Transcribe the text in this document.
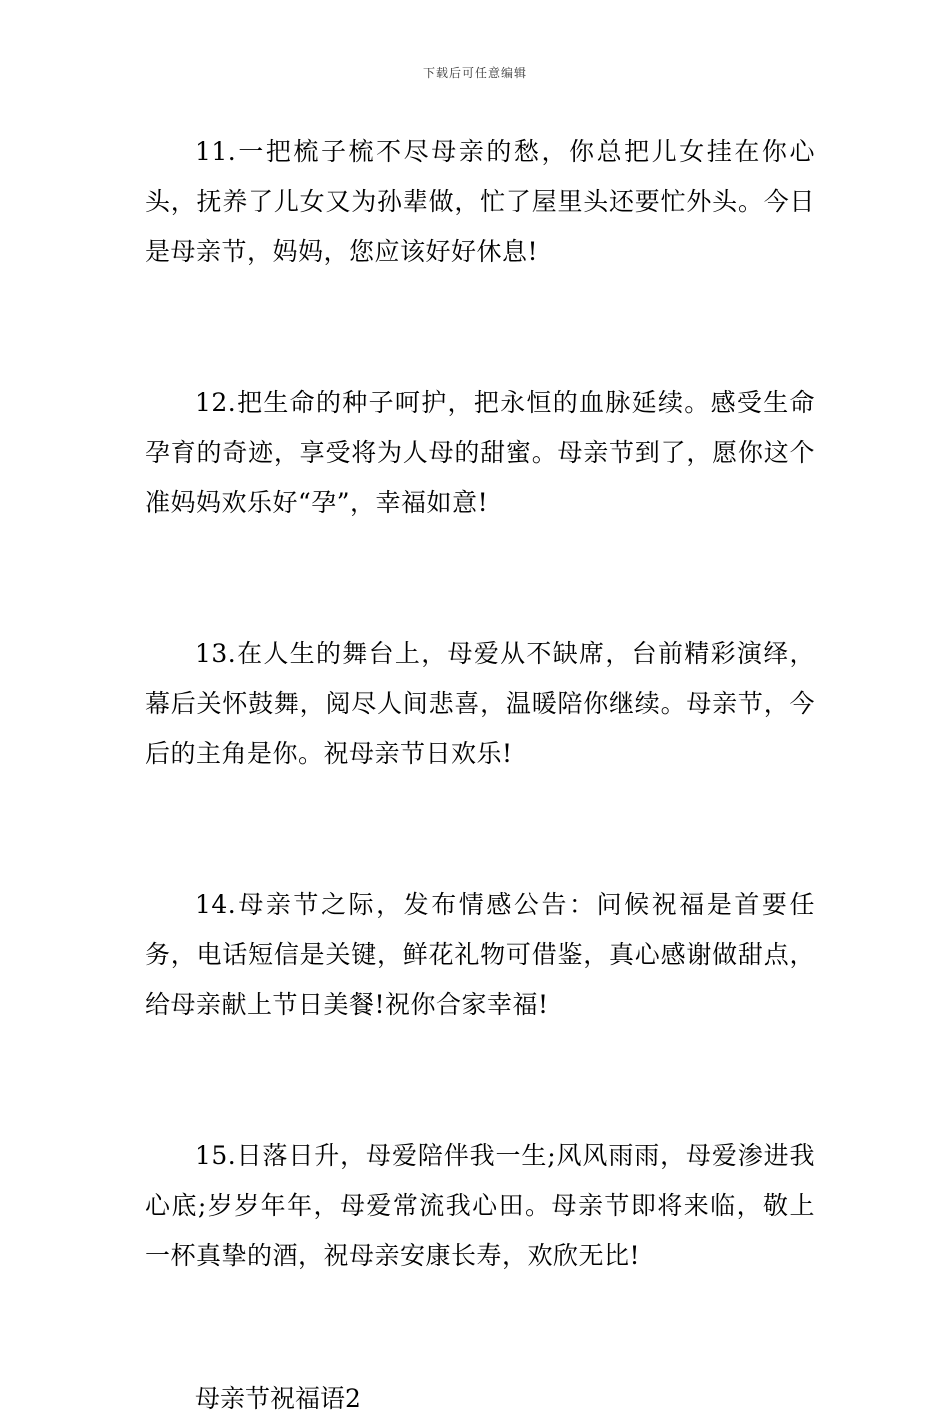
下载后可任意编辑

11.一把梳子梳不尽母亲的愁，你总把儿女挂在你心头，抚养了儿女又为孙辈做，忙了屋里头还要忙外头。今日是母亲节，妈妈，您应该好好休息!

12.把生命的种子呵护，把永恒的血脉延续。感受生命孕育的奇迹，享受将为人母的甜蜜。母亲节到了，愿你这个准妈妈欢乐好“孕”，幸福如意!

13.在人生的舞台上，母爱从不缺席，台前精彩演绎，幕后关怀鼓舞，阅尽人间悲喜，温暖陪你继续。母亲节，今后的主角是你。祝母亲节日欢乐!

14.母亲节之际，发布情感公告：问候祝福是首要任务，电话短信是关键，鲜花礼物可借鉴，真心感谢做甜点，给母亲献上节日美餐!祝你合家幸福!

15.日落日升，母爱陪伴我一生;风风雨雨，母爱渗进我心底;岁岁年年，母爱常流我心田。母亲节即将来临，敬上一杯真挚的酒，祝母亲安康长寿，欢欣无比!

母亲节祝福语2
